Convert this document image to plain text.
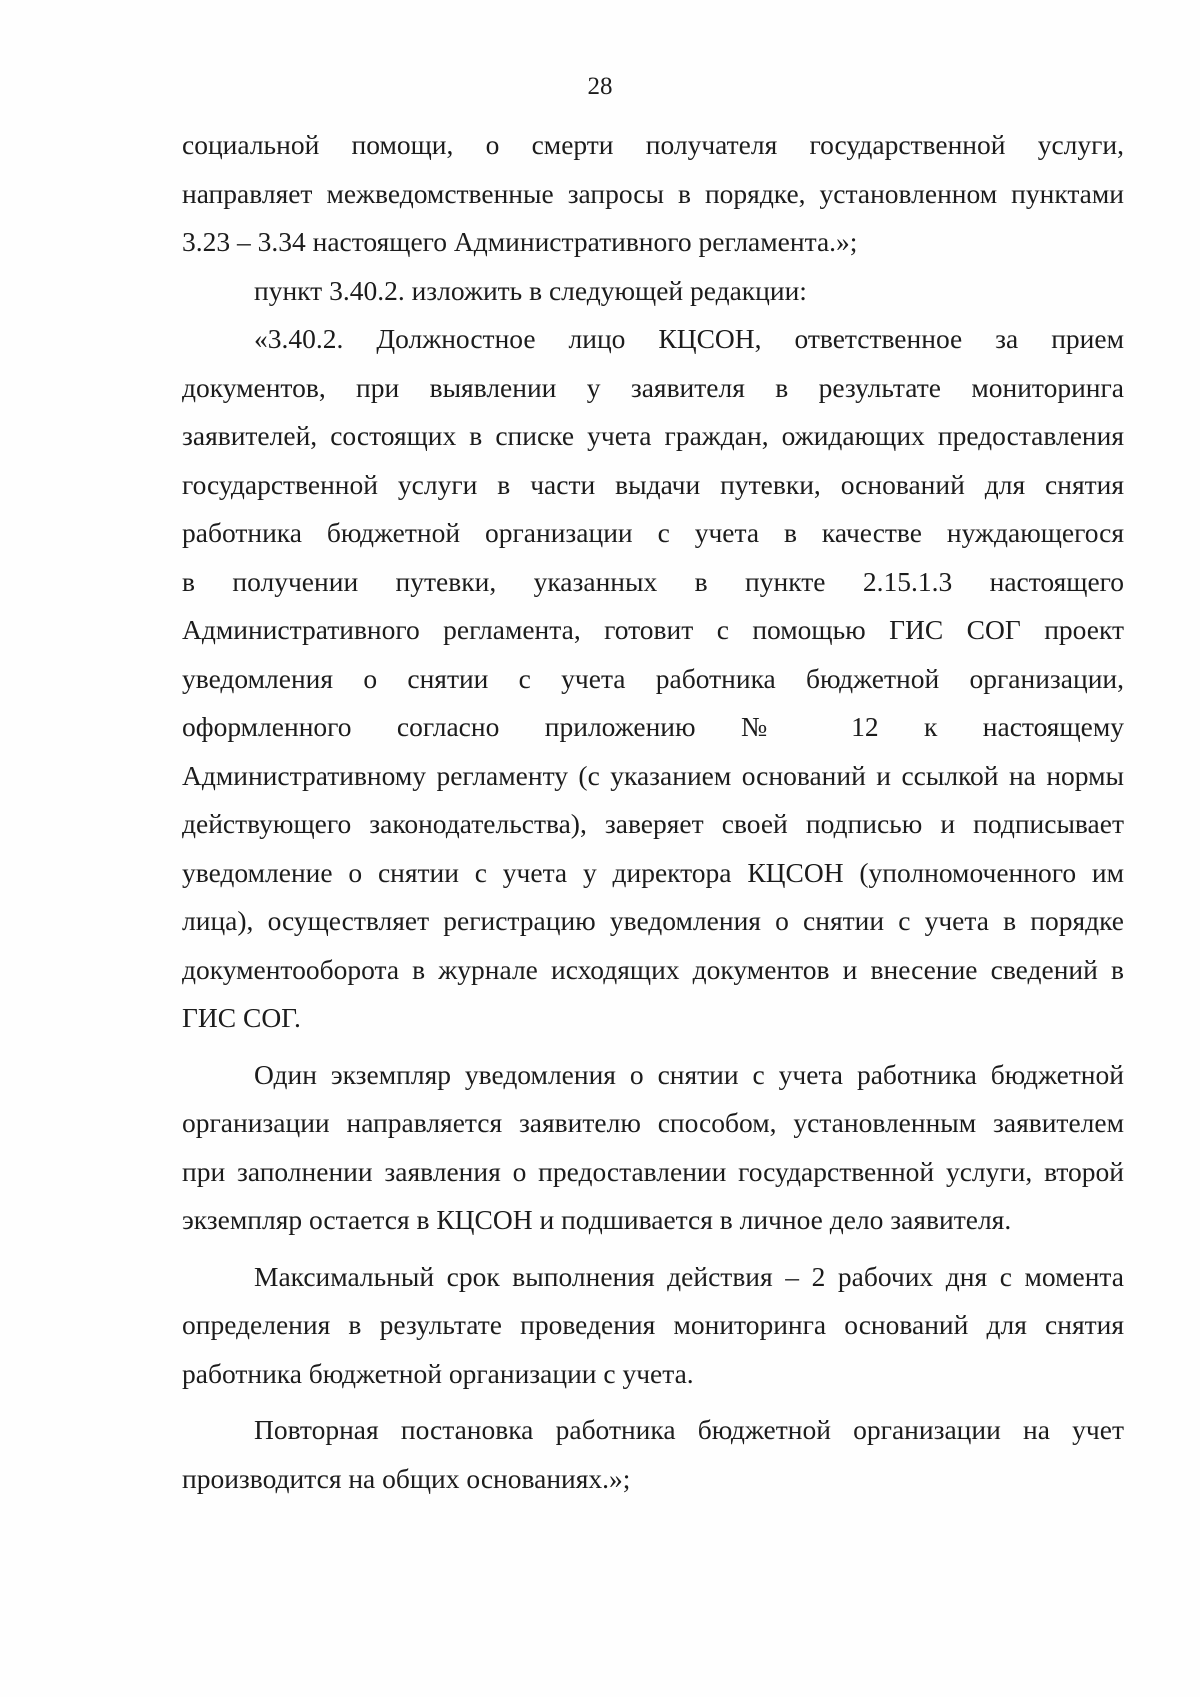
28
социальной помощи, о смерти получателя государственной услуги,
направляет межведомственные запросы в порядке, установленном пунктами
3.23 – 3.34 настоящего Административного регламента.»;
пункт 3.40.2. изложить в следующей редакции:
«3.40.2. Должностное лицо КЦСОН, ответственное за прием
документов, при выявлении у заявителя в результате мониторинга
заявителей, состоящих в списке учета граждан, ожидающих предоставления
государственной услуги в части выдачи путевки, оснований для снятия
работника бюджетной организации с учета в качестве нуждающегося
в получении путевки, указанных в пункте 2.15.1.3 настоящего
Административного регламента, готовит с помощью ГИС СОГ проект
уведомления о снятии с учета работника бюджетной организации,
оформленного согласно приложению № 12 к настоящему
Административному регламенту (с указанием оснований и ссылкой на нормы
действующего законодательства), заверяет своей подписью и подписывает
уведомление о снятии с учета у директора КЦСОН (уполномоченного им
лица), осуществляет регистрацию уведомления о снятии с учета в порядке
документооборота в журнале исходящих документов и внесение сведений в
ГИС СОГ.
Один экземпляр уведомления о снятии с учета работника бюджетной
организации направляется заявителю способом, установленным заявителем
при заполнении заявления о предоставлении государственной услуги, второй
экземпляр остается в КЦСОН и подшивается в личное дело заявителя.
Максимальный срок выполнения действия – 2 рабочих дня с момента
определения в результате проведения мониторинга оснований для снятия
работника бюджетной организации с учета.
Повторная постановка работника бюджетной организации на учет
производится на общих основаниях.»;
